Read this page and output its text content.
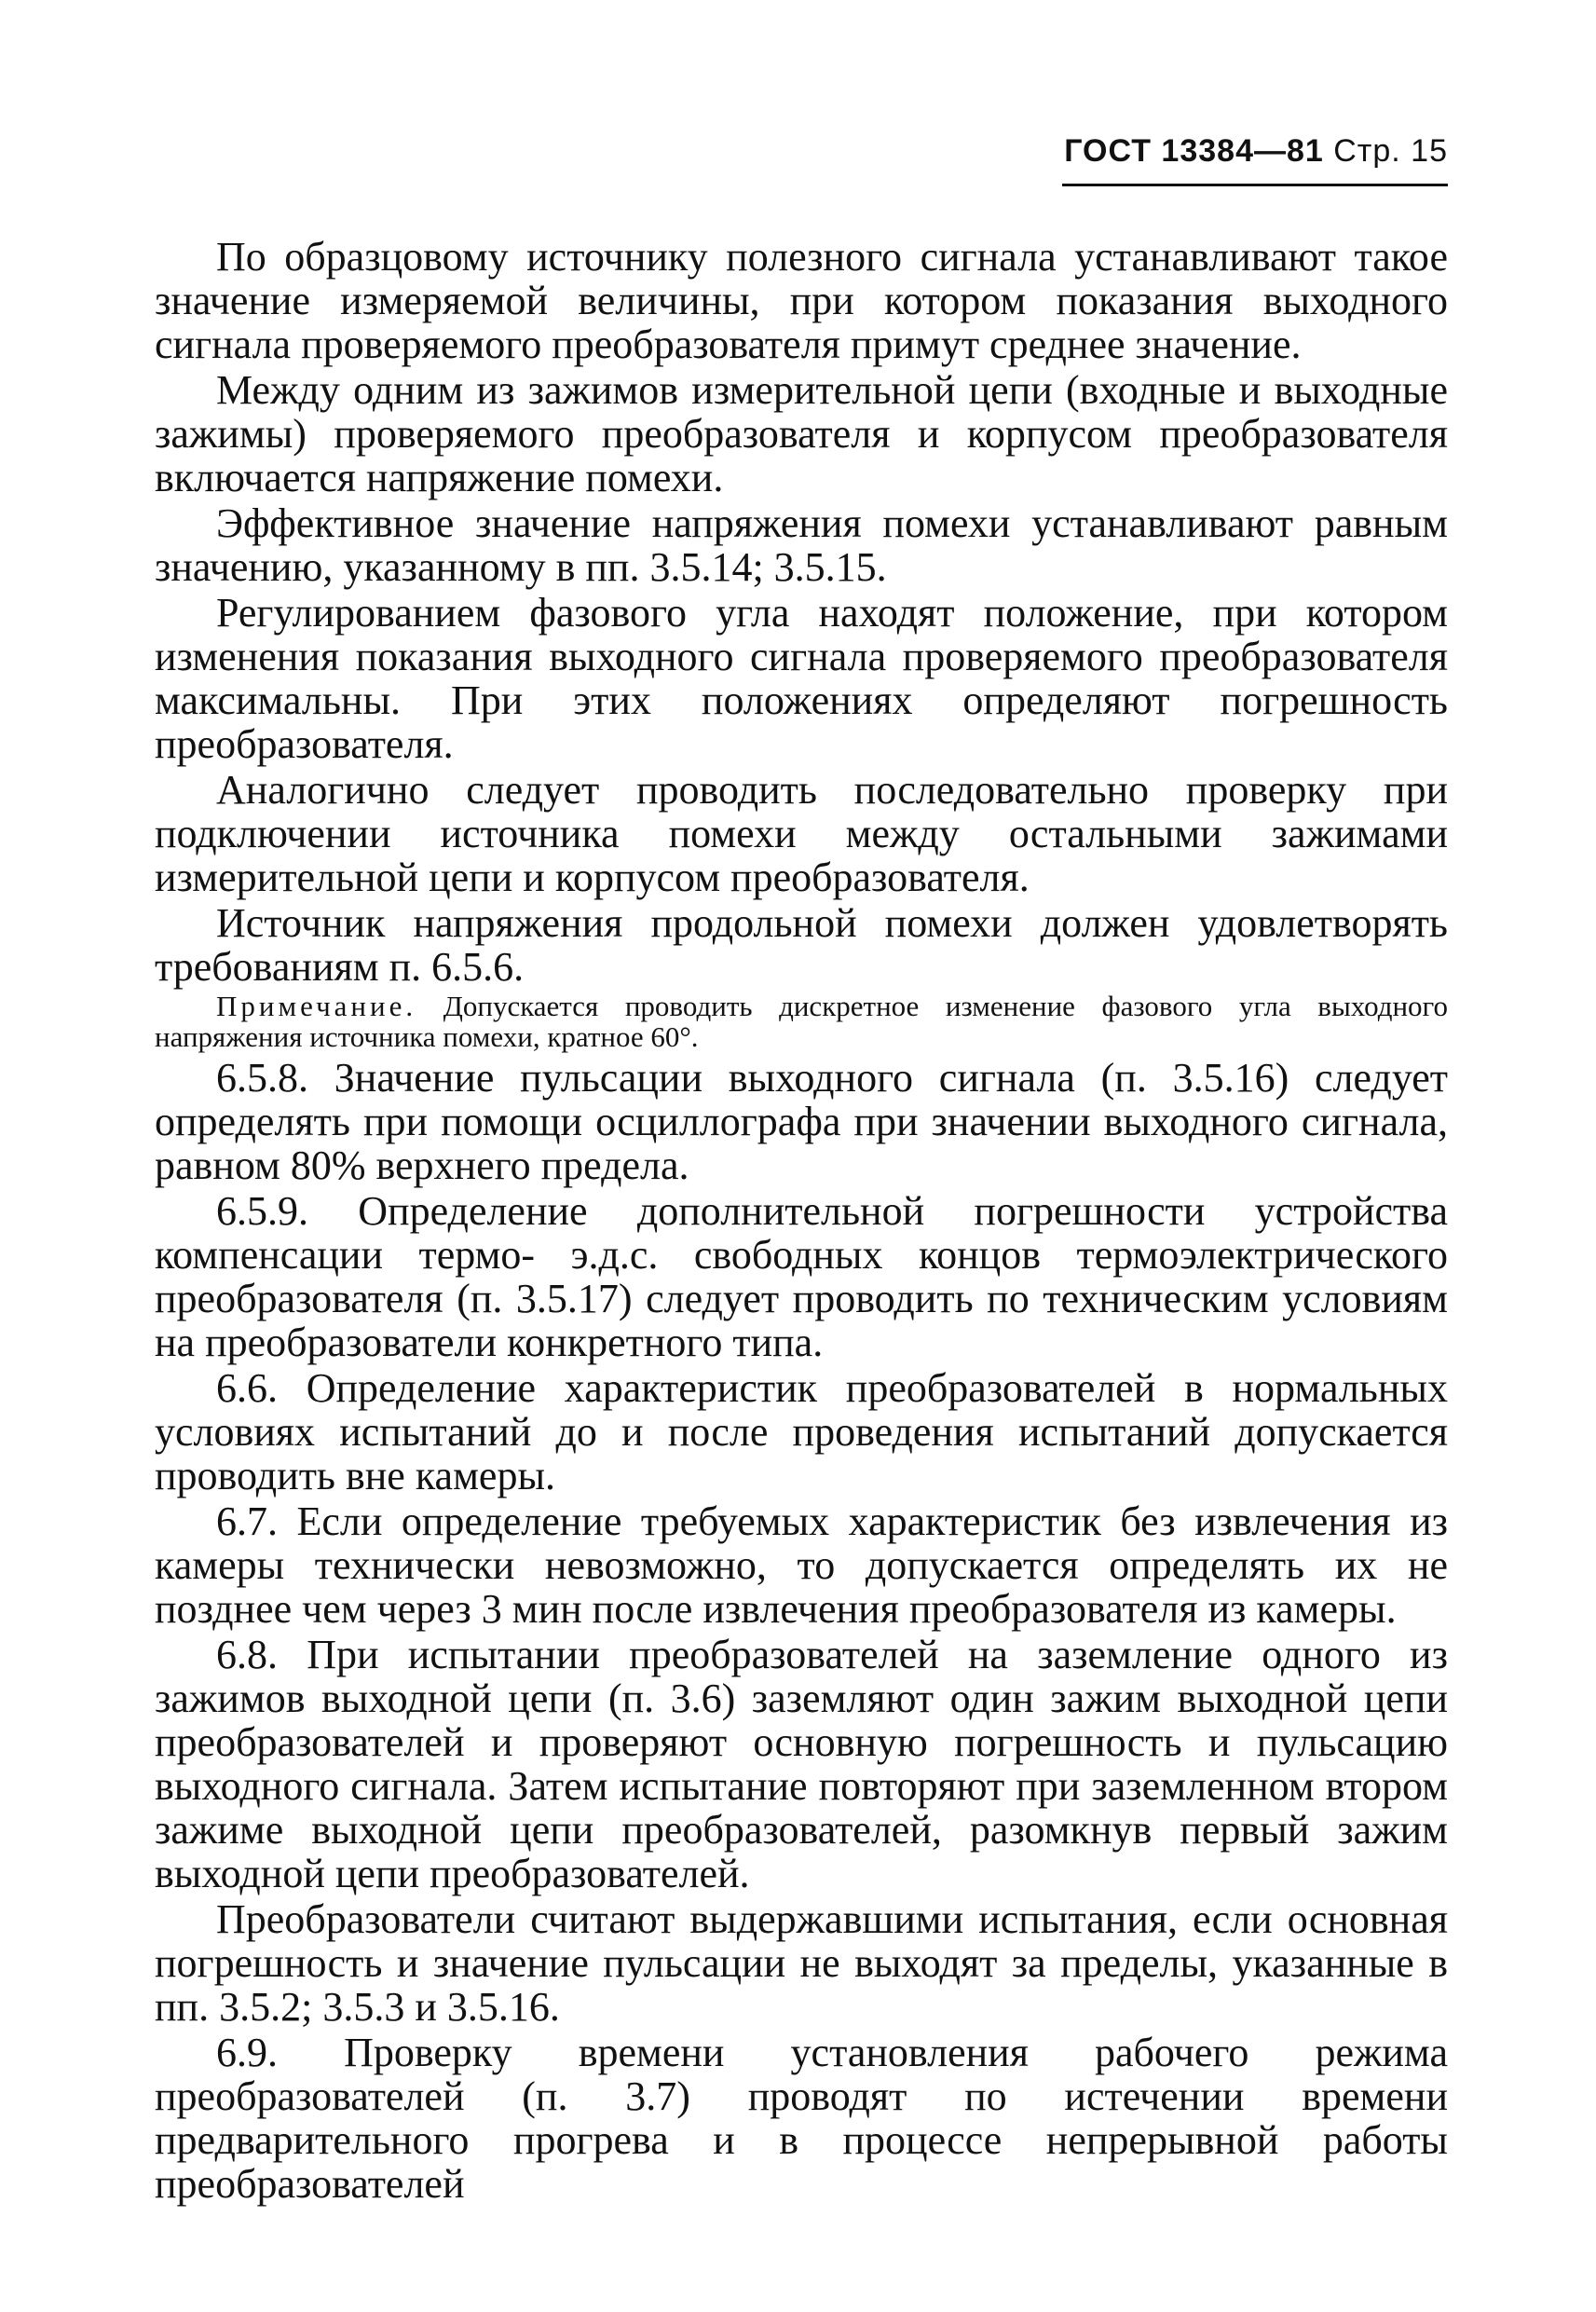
ГОСТ 13384—81 Стр. 15

По образцовому источнику полезного сигнала устанавливают такое значение измеряемой величины, при котором показания выходного сигнала проверяемого преобразователя примут среднее значение.

Между одним из зажимов измерительной цепи (входные и выходные зажимы) проверяемого преобразователя и корпусом преобразователя включается напряжение помехи.

Эффективное значение напряжения помехи устанавливают равным значению, указанному в пп. 3.5.14; 3.5.15.

Регулированием фазового угла находят положение, при котором изменения показания выходного сигнала проверяемого преобразователя максимальны. При этих положениях определяют погрешность преобразователя.

Аналогично следует проводить последовательно проверку при подключении источника помехи между остальными зажимами измерительной цепи и корпусом преобразователя.

Источник напряжения продольной помехи должен удовлетворять требованиям п. 6.5.6.

Примечание. Допускается проводить дискретное изменение фазового угла выходного напряжения источника помехи, кратное 60°.

6.5.8. Значение пульсации выходного сигнала (п. 3.5.16) следует определять при помощи осциллографа при значении выходного сигнала, равном 80% верхнего предела.

6.5.9. Определение дополнительной погрешности устройства компенсации термо- э.д.с. свободных концов термоэлектрического преобразователя (п. 3.5.17) следует проводить по техническим условиям на преобразователи конкретного типа.

6.6. Определение характеристик преобразователей в нормальных условиях испытаний до и после проведения испытаний допускается проводить вне камеры.

6.7. Если определение требуемых характеристик без извлечения из камеры технически невозможно, то допускается определять их не позднее чем через 3 мин после извлечения преобразователя из камеры.

6.8. При испытании преобразователей на заземление одного из зажимов выходной цепи (п. 3.6) заземляют один зажим выходной цепи преобразователей и проверяют основную погрешность и пульсацию выходного сигнала. Затем испытание повторяют при заземленном втором зажиме выходной цепи преобразователей, разомкнув первый зажим выходной цепи преобразователей.

Преобразователи считают выдержавшими испытания, если основная погрешность и значение пульсации не выходят за пределы, указанные в пп. 3.5.2; 3.5.3 и 3.5.16.

6.9. Проверку времени установления рабочего режима преобразователей (п. 3.7) проводят по истечении времени предварительного прогрева и в процессе непрерывной работы преобразователей
